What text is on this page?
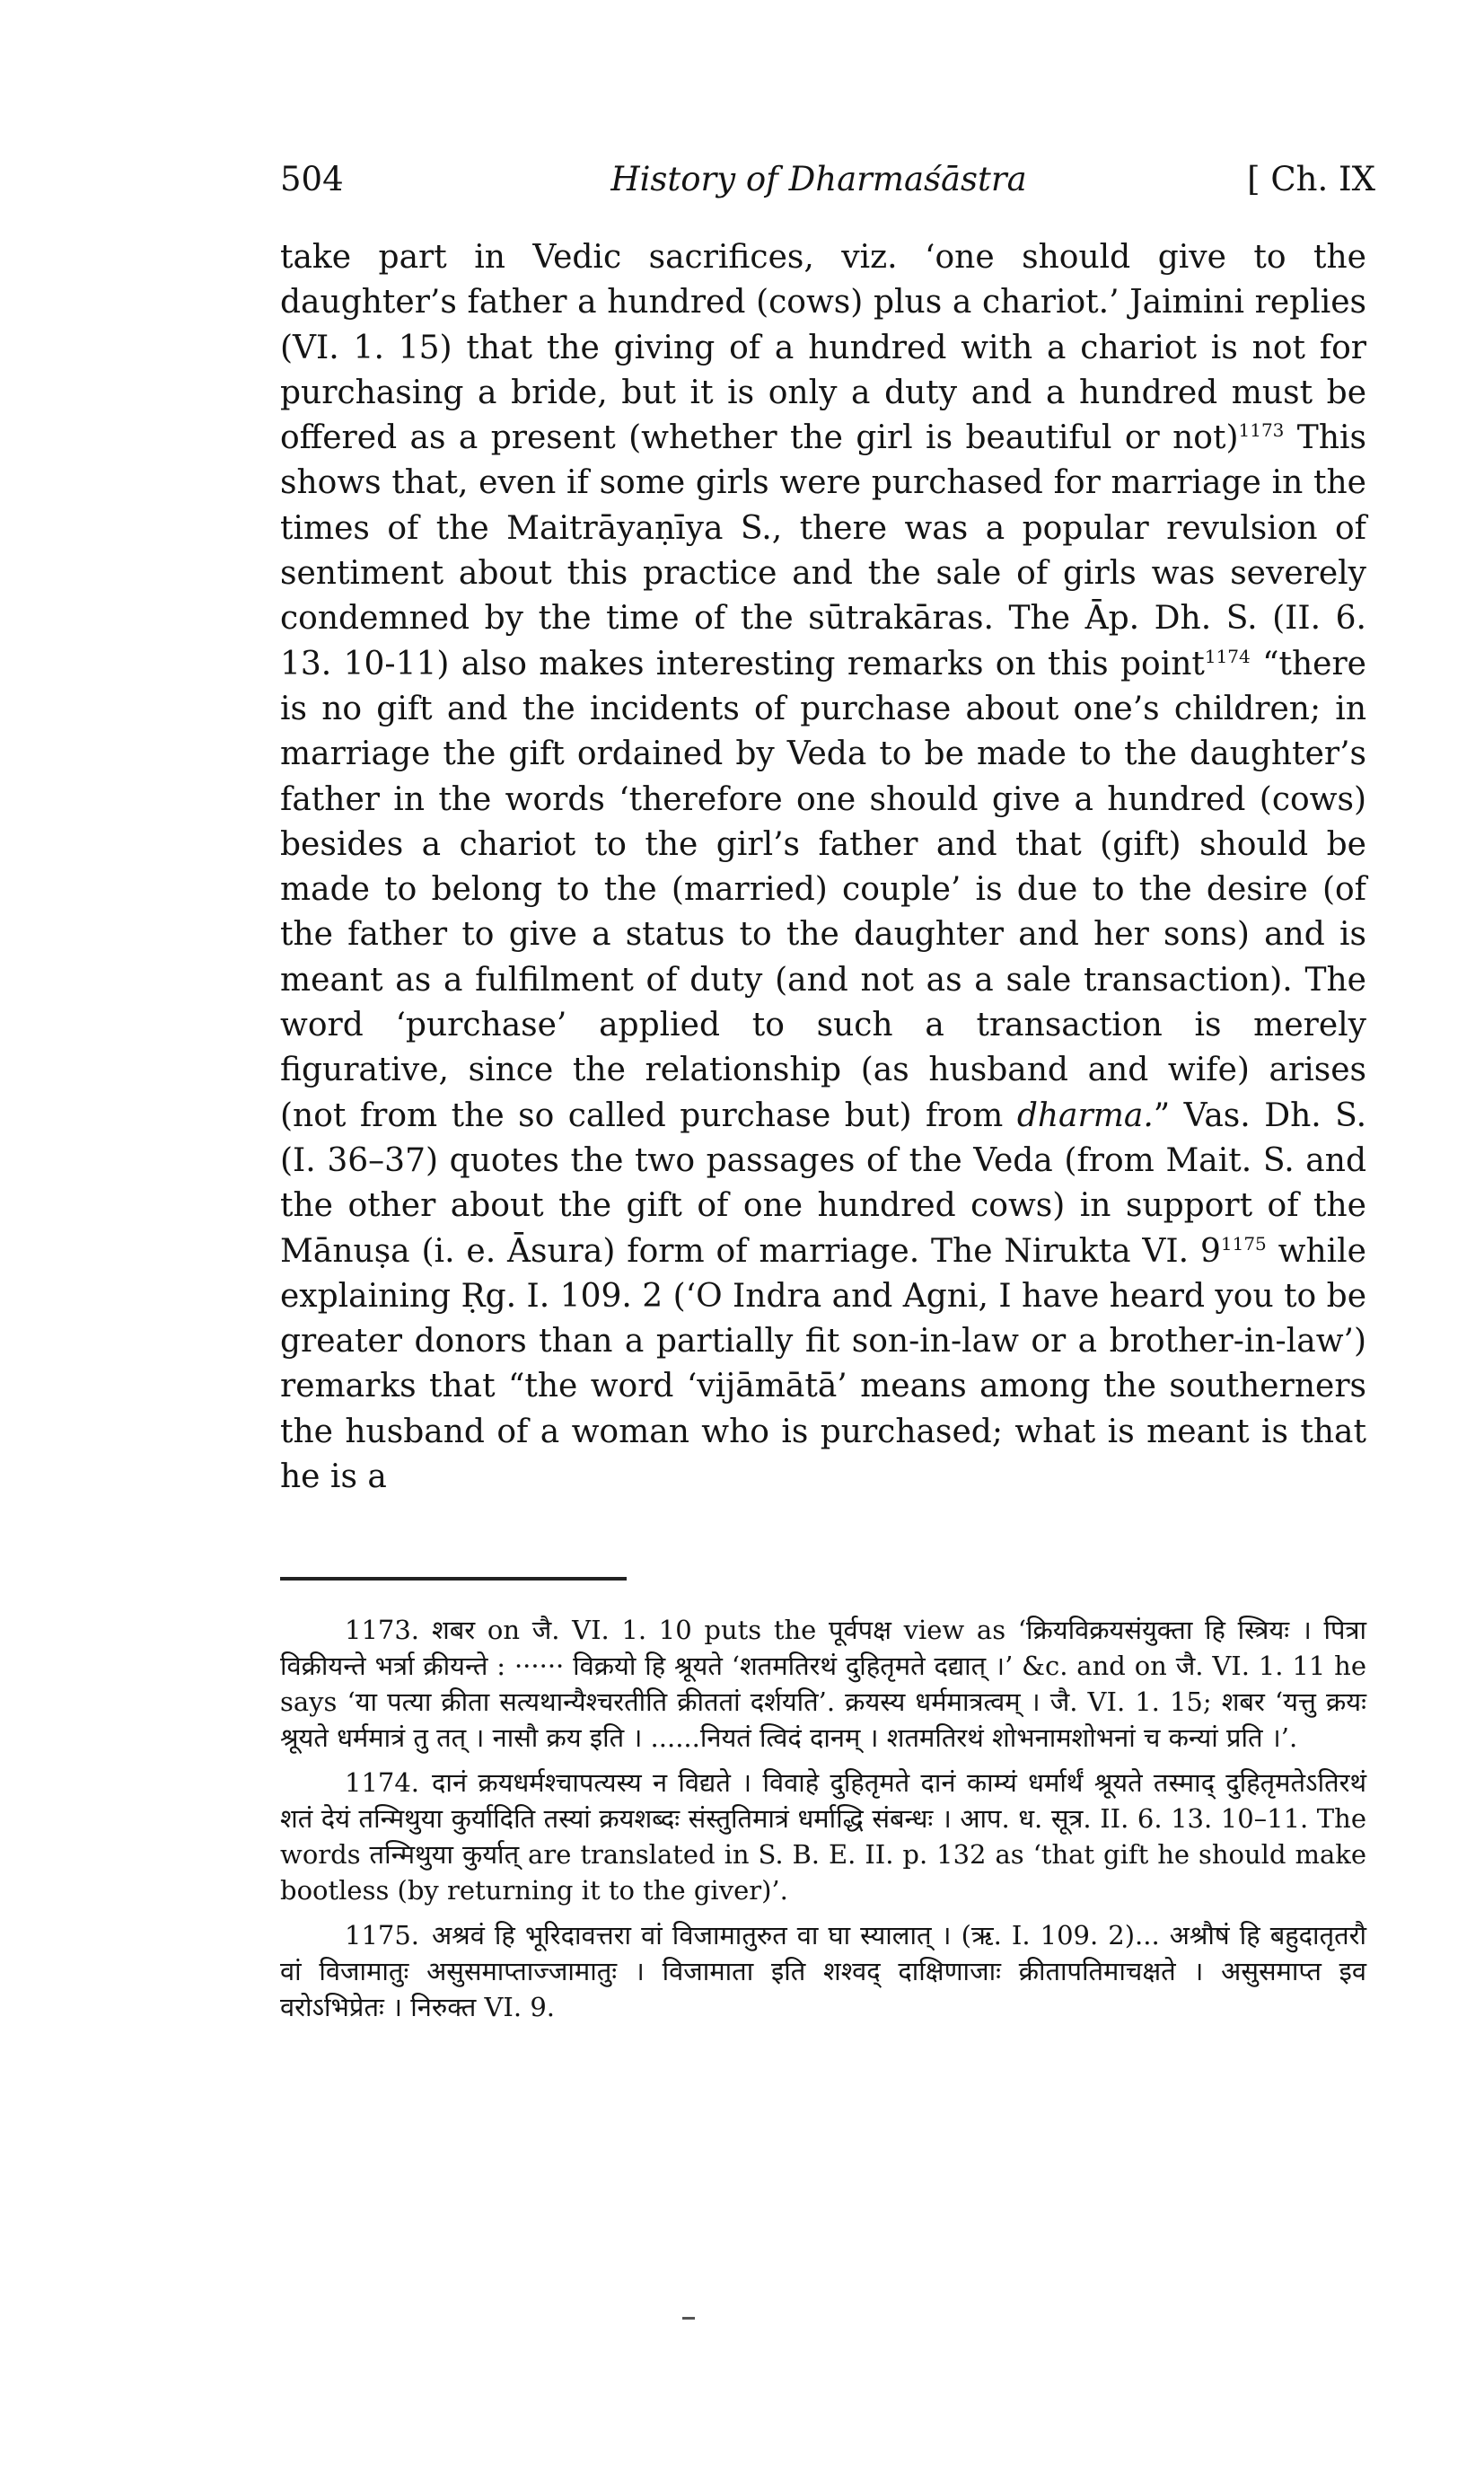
504	History of Dharmaśāstra	[ Ch. IX
take part in Vedic sacrifices, viz. ‘one should give to the daughter’s father a hundred (cows) plus a chariot.’ Jaimini replies (VI. 1. 15) that the giving of a hundred with a chariot is not for purchasing a bride, but it is only a duty and a hundred must be offered as a present (whether the girl is beautiful or not)$^{1173}$ This shows that, even if some girls were purchased for marriage in the times of the Maitrāyaṇīya S., there was a popular revulsion of sentiment about this practice and the sale of girls was severely condemned by the time of the sūtrakāras. The Āp. Dh. S. (II. 6. 13. 10-11) also makes interesting remarks on this point$^{1174}$ “there is no gift and the incidents of purchase about one’s children; in marriage the gift ordained by Veda to be made to the daughter’s father in the words ‘therefore one should give a hundred (cows) besides a chariot to the girl’s father and that (gift) should be made to belong to the (married) couple’ is due to the desire (of the father to give a status to the daughter and her sons) and is meant as a fulfilment of duty (and not as a sale transaction). The word ‘purchase’ applied to such a transaction is merely figurative, since the relationship (as husband and wife) arises (not from the so called purchase but) from dharma.” Vas. Dh. S. (I. 36–37) quotes the two passages of the Veda (from Mait. S. and the other about the gift of one hundred cows) in support of the Mānuṣa (i. e. Āsura) form of marriage. The Nirukta VI. $9^{1175}$ while explaining Ṛg. I. 109. 2 (‘O Indra and Agni, I have heard you to be greater donors than a partially fit son-in-law or a brother-in-law’) remarks that “the word ‘vijāmātā’ means among the southerners the husband of a woman who is purchased; what is meant is that he is a

1173. शबर on जै. VI. 1. 10 puts the पूर्वपक्ष view as ‘क्रियविक्रयसंयुक्ता हि स्त्रियः । पित्रा विक्रीयन्ते भर्त्रा क्रीयन्ते : ······ विक्रयो हि श्रूयते ‘शतमतिरथं दुहितृमते दद्यात् ।’ &c. and on जै. VI. 1. 11 he says ‘या पत्या क्रीता सत्यथान्यैश्चरतीति क्रीततां दर्शयति’. क्रयस्य धर्ममात्रत्वम् । जै. VI. 1. 15; शबर ‘यत्तु क्रयः श्रूयते धर्ममात्रं तु तत् । नासौ क्रय इति । ......नियतं त्विदं दानम् । शतमतिरथं शोभनामशोभनां च कन्यां प्रति ।’.

1174. दानं क्रयधर्मश्चापत्यस्य न विद्यते । विवाहे दुहितृमते दानं काम्यं धर्मार्थं श्रूयते तस्माद् दुहितृमतेऽतिरथं शतं देयं तन्मिथुया कुर्यादिति तस्यां क्रयशब्दः संस्तुतिमात्रं धर्माद्धि संबन्धः । आप. ध. सूत्र. II. 6. 13. 10–11. The words तन्मिथुया कुर्यात् are translated in S. B. E. II. p. 132 as ‘that gift he should make bootless (by returning it to the giver)’.

1175. अश्रवं हि भूरिदावत्तरा वां विजामातुरुत वा घा स्यालात् । (ऋ. I. 109. 2)... अश्रौषं हि बहुदातृतरौ वां विजामातुः असुसमाप्ताज्जामातुः । विजामाता इति शश्वद् दाक्षिणाजाः क्रीतापतिमाचक्षते । असुसमाप्त इव वरोऽभिप्रेतः । निरुक्त VI. 9.
